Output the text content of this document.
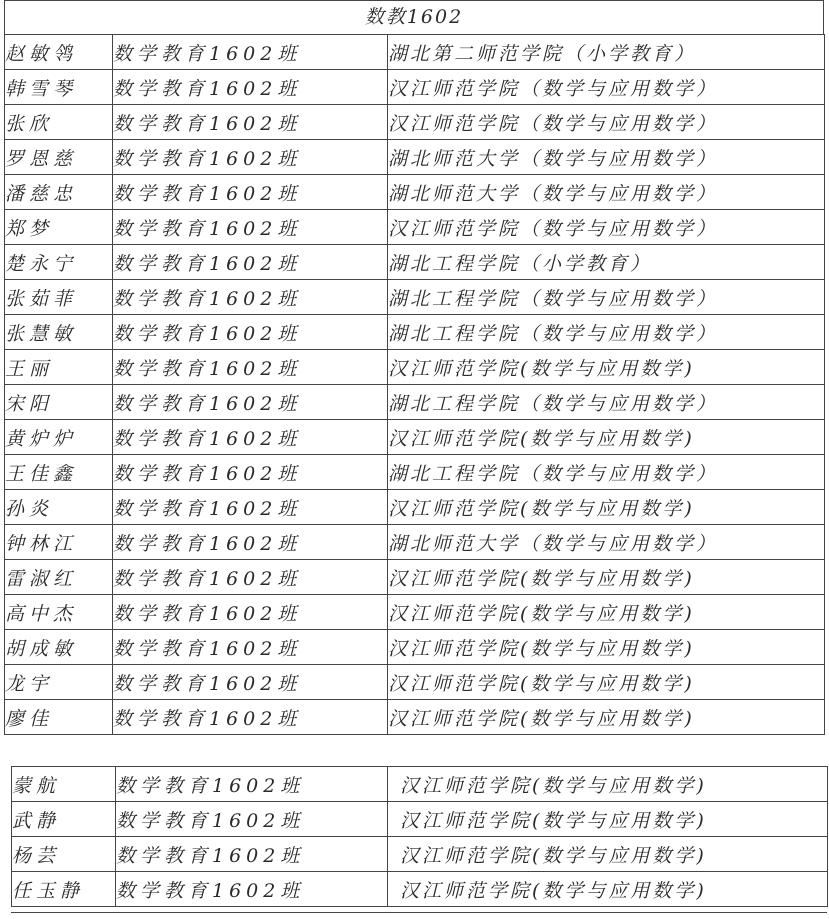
数教1602
赵敏鸰	数学教育1602班	湖北第二师范学院（小学教育）
韩雪琴	数学教育1602班	汉江师范学院（数学与应用数学）
张欣	数学教育1602班	汉江师范学院（数学与应用数学）
罗恩慈	数学教育1602班	湖北师范大学（数学与应用数学）
潘慈忠	数学教育1602班	湖北师范大学（数学与应用数学）
郑梦	数学教育1602班	汉江师范学院（数学与应用数学）
楚永宁	数学教育1602班	湖北工程学院（小学教育）
张茹菲	数学教育1602班	湖北工程学院（数学与应用数学）
张慧敏	数学教育1602班	湖北工程学院（数学与应用数学）
王丽	数学教育1602班	汉江师范学院(数学与应用数学)
宋阳	数学教育1602班	湖北工程学院（数学与应用数学）
黄炉炉	数学教育1602班	汉江师范学院(数学与应用数学)
王佳鑫	数学教育1602班	湖北工程学院（数学与应用数学）
孙炎	数学教育1602班	汉江师范学院(数学与应用数学)
钟林江	数学教育1602班	湖北师范大学（数学与应用数学）
雷淑红	数学教育1602班	汉江师范学院(数学与应用数学)
高中杰	数学教育1602班	汉江师范学院(数学与应用数学)
胡成敏	数学教育1602班	汉江师范学院(数学与应用数学)
龙宇	数学教育1602班	汉江师范学院(数学与应用数学)
廖佳	数学教育1602班	汉江师范学院(数学与应用数学)
蒙航	数学教育1602班	汉江师范学院(数学与应用数学)
武静	数学教育1602班	汉江师范学院(数学与应用数学)
杨芸	数学教育1602班	汉江师范学院(数学与应用数学)
任玉静	数学教育1602班	汉江师范学院(数学与应用数学)
